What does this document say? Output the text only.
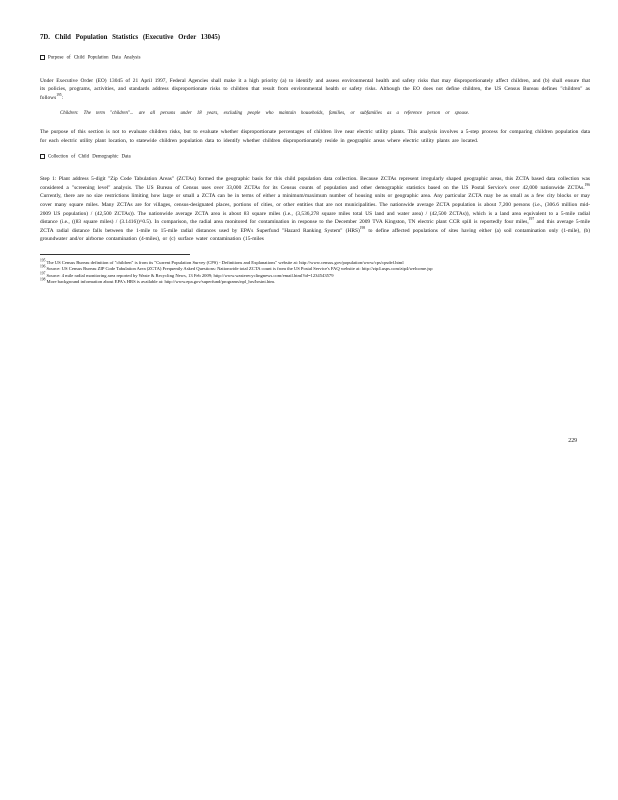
7D. Child Population Statistics (Executive Order 13045)
Purpose of Child Population Data Analysis

Under Executive Order (EO) 13045 of 21 April 1997, Federal Agencies shall make it a high priority (a) to identify and assess environmental health and safety risks that may disproportionately affect children, and (b) shall ensure that its policies, programs, activities, and standards address disproportionate risks to children that result from environmental health or safety risks. Although the EO does not define children, the US Census Bureau defines "children" as follows$^{195}$:

Children: The term "children"... are all persons under 18 years, excluding people who maintain households, families, or subfamilies as a reference person or spouse.

The purpose of this section is not to evaluate children risks, but to evaluate whether disproportionate percentages of children live near electric utility plants. This analysis involves a 5-step process for comparing children population data for each electric utility plant location, to statewide children population data to identify whether children disproportionately reside in geographic areas where electric utility plants are located.

Collection of Child Demographic Data

Step 1: Plant address 5-digit "Zip Code Tabulation Areas" (ZCTAs) formed the geographic basis for this child population data collection. Because ZCTAs represent irregularly shaped geographic areas, this ZCTA based data collection was considered a "screening level" analysis. The US Bureau of Census uses over 33,000 ZCTAs for its Census counts of population and other demographic statistics based on the US Postal Service's over 42,000 nationwide ZCTAs.$^{196}$ Currently, there are no size restrictions limiting how large or small a ZCTA can be in terms of either a minimum/maximum number of housing units or geographic area. Any particular ZCTA may be as small as a few city blocks or may cover many square miles. Many ZCTAs are for villages, census-designated places, portions of cities, or other entities that are not municipalities. The nationwide average ZCTA population is about 7,200 persons (i.e., (306.6 million mid-2009 US population) / (42,500 ZCTAs)). The nationwide average ZCTA area is about 83 square miles (i.e., (3,536,278 square miles total US land and water area) / (42,500 ZCTAs)), which is a land area equivalent to a 5-mile radial distance (i.e., ((83 square miles) / (3.1416))^0.5). In comparison, the radial area monitored for contamination in response to the December 2009 TVA Kingston, TN electric plant CCR spill is reportedly four miles,$^{197}$ and this average 5-mile ZCTA radial distance falls between the 1-mile to 15-mile radial distances used by EPA's Superfund "Hazard Ranking System" (HRS)$^{198}$ to define affected populations of sites having either (a) soil contamination only (1-mile), (b) groundwater and/or airborne contamination (4-miles), or (c) surface water contamination (15-miles

$^{195}$ The US Census Bureau definition of "children" is from its "Current Population Survey (CPS) - Definitions and Explanations" website at: http://www.census.gov/population/www/cps/cpsdef.html

$^{196}$ Source: US Census Bureau ZIP Code Tabulation Area (ZCTA) Frequently Asked Questions: Nationwide total ZCTA count is from the US Postal Service's FAQ website at: http://zip4.usps.com/zip4/welcome.jsp

$^{197}$ Source: 4 mile radial monitoring area reported by Waste & Recycling News, 13 Feb 2009; http://www.wasterecyclingnews.com/email.html?id=1234543579

$^{198}$ More background information about EPA's HRS is available at: http://www.epa.gov/superfund/programs/npl_hrs/hrsint.htm.

229
